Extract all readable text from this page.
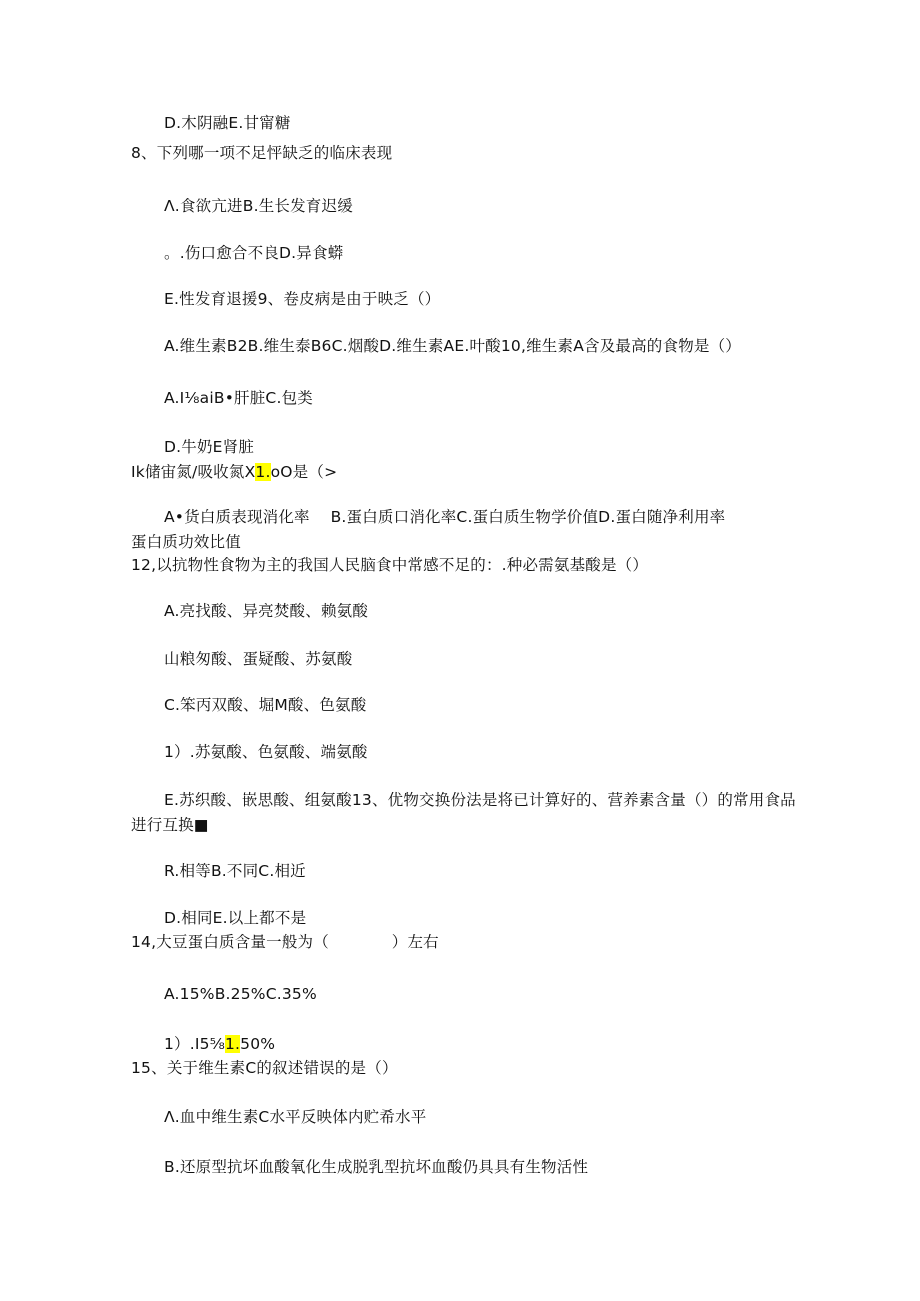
D.木阴融E.甘甯糖
8、下列哪一项不足怦缺乏的临床表现
Λ.食欲亢进B.生长发育迟缓
。.伤口愈合不良D.异食蟒
E.性发育退援9、卷皮病是由于映乏（）
A.维生素B2B.维生泰B6C.烟酸D.维生素AE.叶酸10,维生素A含及最高的食物是（）
A.I⅛aiB•肝脏C.包类
D.牛奶E肾脏
Ik储宙氮/吸收氮X1.oO是（>
A•货白质表现消化率　 B.蛋白质口消化率C.蛋白质生物学价值D.蛋白随净利用率
蛋白质功效比值
12,以抗物性食物为主的我国人民脑食中常感不足的：.种必需氨基酸是（）
A.亮找酸、异亮焚酸、赖氨酸
山粮匆酸、蛋疑酸、苏氨酸
C.笨丙双酸、堀M酸、色氨酸
1）.苏氨酸、色氨酸、端氨酸
E.苏织酸、嵌思酸、组氨酸13、优物交换份法是将已计算好的、营养素含量（）的常用食品
进行互换■
R.相等B.不同C.相近
D.相同E.以上都不是
14,大豆蛋白质含量一般为（　　　　）左右
A.15%B.25%C.35%
1）.I5⅝1.50%
15、关于维生素C的叙述错误的是（）
Λ.血中维生素C水平反映体内贮希水平
B.还原型抗坏血酸氧化生成脱乳型抗坏血酸仍具具有生物活性
